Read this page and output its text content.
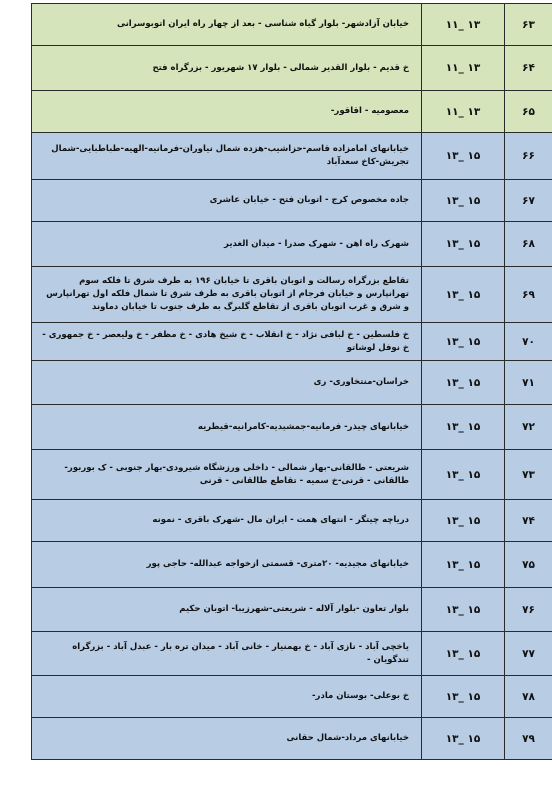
خیابان آزادشهر- بلوار گیاه شناسی - بعد از چهار راه ایران اتوبوسرانی	۱۱_ ۱۳	۶۳
خ قدیم - بلوار القدیر شمالی - بلوار ۱۷ شهریور - بزرگراه فتح	۱۱_ ۱۳	۶۴
معصومیه - اقاقور-	۱۱_ ۱۳	۶۵
خیابانهای امامزاده قاسم-حزاشیب-هزده شمال نیاوران-فرمانیه-الهیه-طباطبایی-شمال تجریش-کاخ سعدآباد	۱۳_ ۱۵	۶۶
جاده مخصوص کرج - اتوبان فتح - خیابان عاشری	۱۳_ ۱۵	۶۷
شهرک راه اهن - شهرک صدرا - میدان الغدیر	۱۳_ ۱۵	۶۸
تقاطع بزرگراه رسالت و اتوبان باقری تا خیابان ۱۹۶ به طرف شرق تا فلکه سوم تهرانپارس و خیابان فرجام از اتوبان باقری به طرف شرق تا شمال فلکه اول تهرانپارس و شرق و غرب اتوبان باقری از تقاطع گلبرگ به طرف جنوب تا خیابان دماوند	۱۳_ ۱۵	۶۹
خ فلسطین - خ لبافی نژاد - خ انقلاب - خ شیخ هادی - خ مظفر - خ ولیعصر - خ جمهوری - خ نوفل لوشاتو	۱۳_ ۱۵	۷۰
خراسان-منتخاوری- ری	۱۳_ ۱۵	۷۱
خیابانهای چیذر- فرمانیه-جمشیدیه-کامرانیه-قیطریه	۱۳_ ۱۵	۷۲
شریعتی - طالقانی-بهار شمالی - داخلی ورزشگاه شیرودی-بهار جنوبی - ک بوربور-طالقانی - قرنی-خ سمیه - تقاطع طالقانی - قرنی	۱۳_ ۱۵	۷۳
دریاچه چیتگر - انتهای همت - ایران مال -شهرک باقری - نمونه	۱۳_ ۱۵	۷۴
خیابانهای مجیدیه- ۲۰متری- قسمتی ازخواجه عبدالله- حاجی پور	۱۳_ ۱۵	۷۵
بلوار تعاون -بلوار آلاله - شریعتی-شهرزیبا- اتوبان حکیم	۱۳_ ۱۵	۷۶
یاخچی آباد - نازی آباد - خ بهمنیار - خانی آباد - میدان تره بار - عبدل آباد - بزرگراه تندگویان -	۱۳_ ۱۵	۷۷
خ بوعلی- بوستان مادر-	۱۳_ ۱۵	۷۸
خیابانهای مرداد-شمال حقانی	۱۳_ ۱۵	۷۹
